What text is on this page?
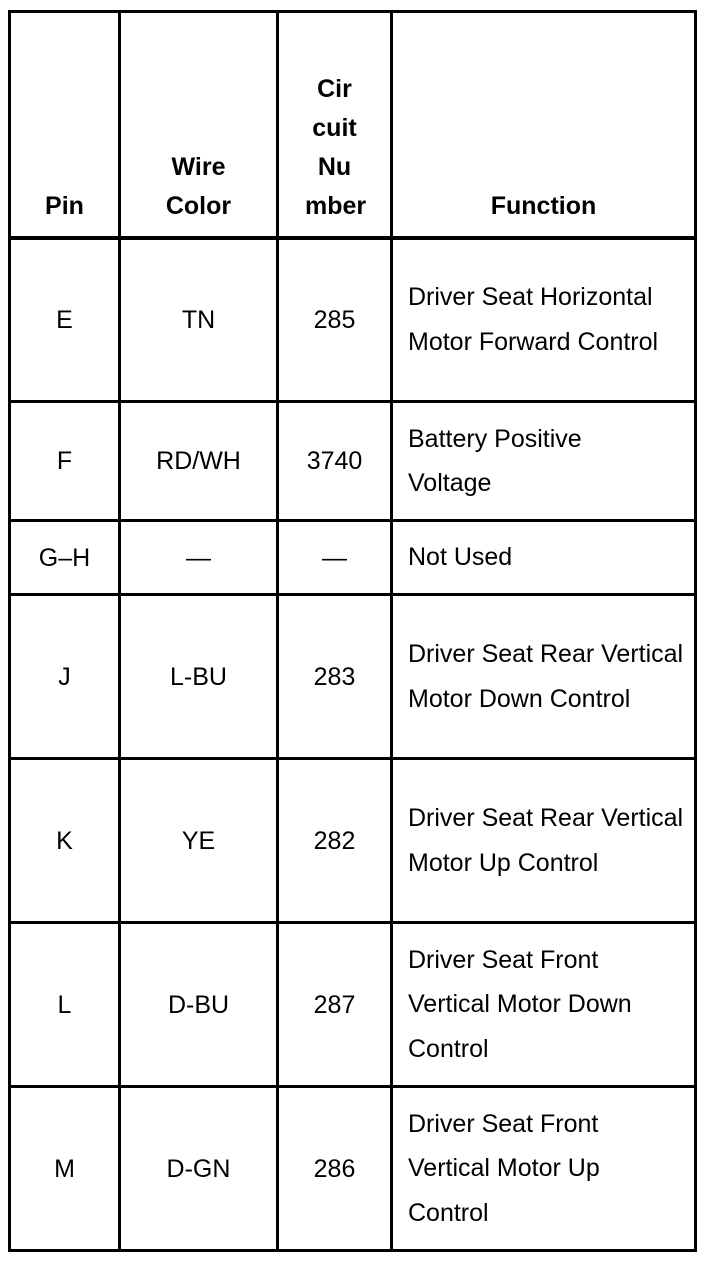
Pin	Wire Color	Cir cuit Nu mber	Function

E	TN	285	Driver Seat Horizontal Motor Forward Control
F	RD/WH	3740	Battery Positive Voltage
G–H	—	—	Not Used
J	L-BU	283	Driver Seat Rear Vertical Motor Down Control
K	YE	282	Driver Seat Rear Vertical Motor Up Control
L	D-BU	287	Driver Seat Front Vertical Motor Down Control
M	D-GN	286	Driver Seat Front Vertical Motor Up Control
